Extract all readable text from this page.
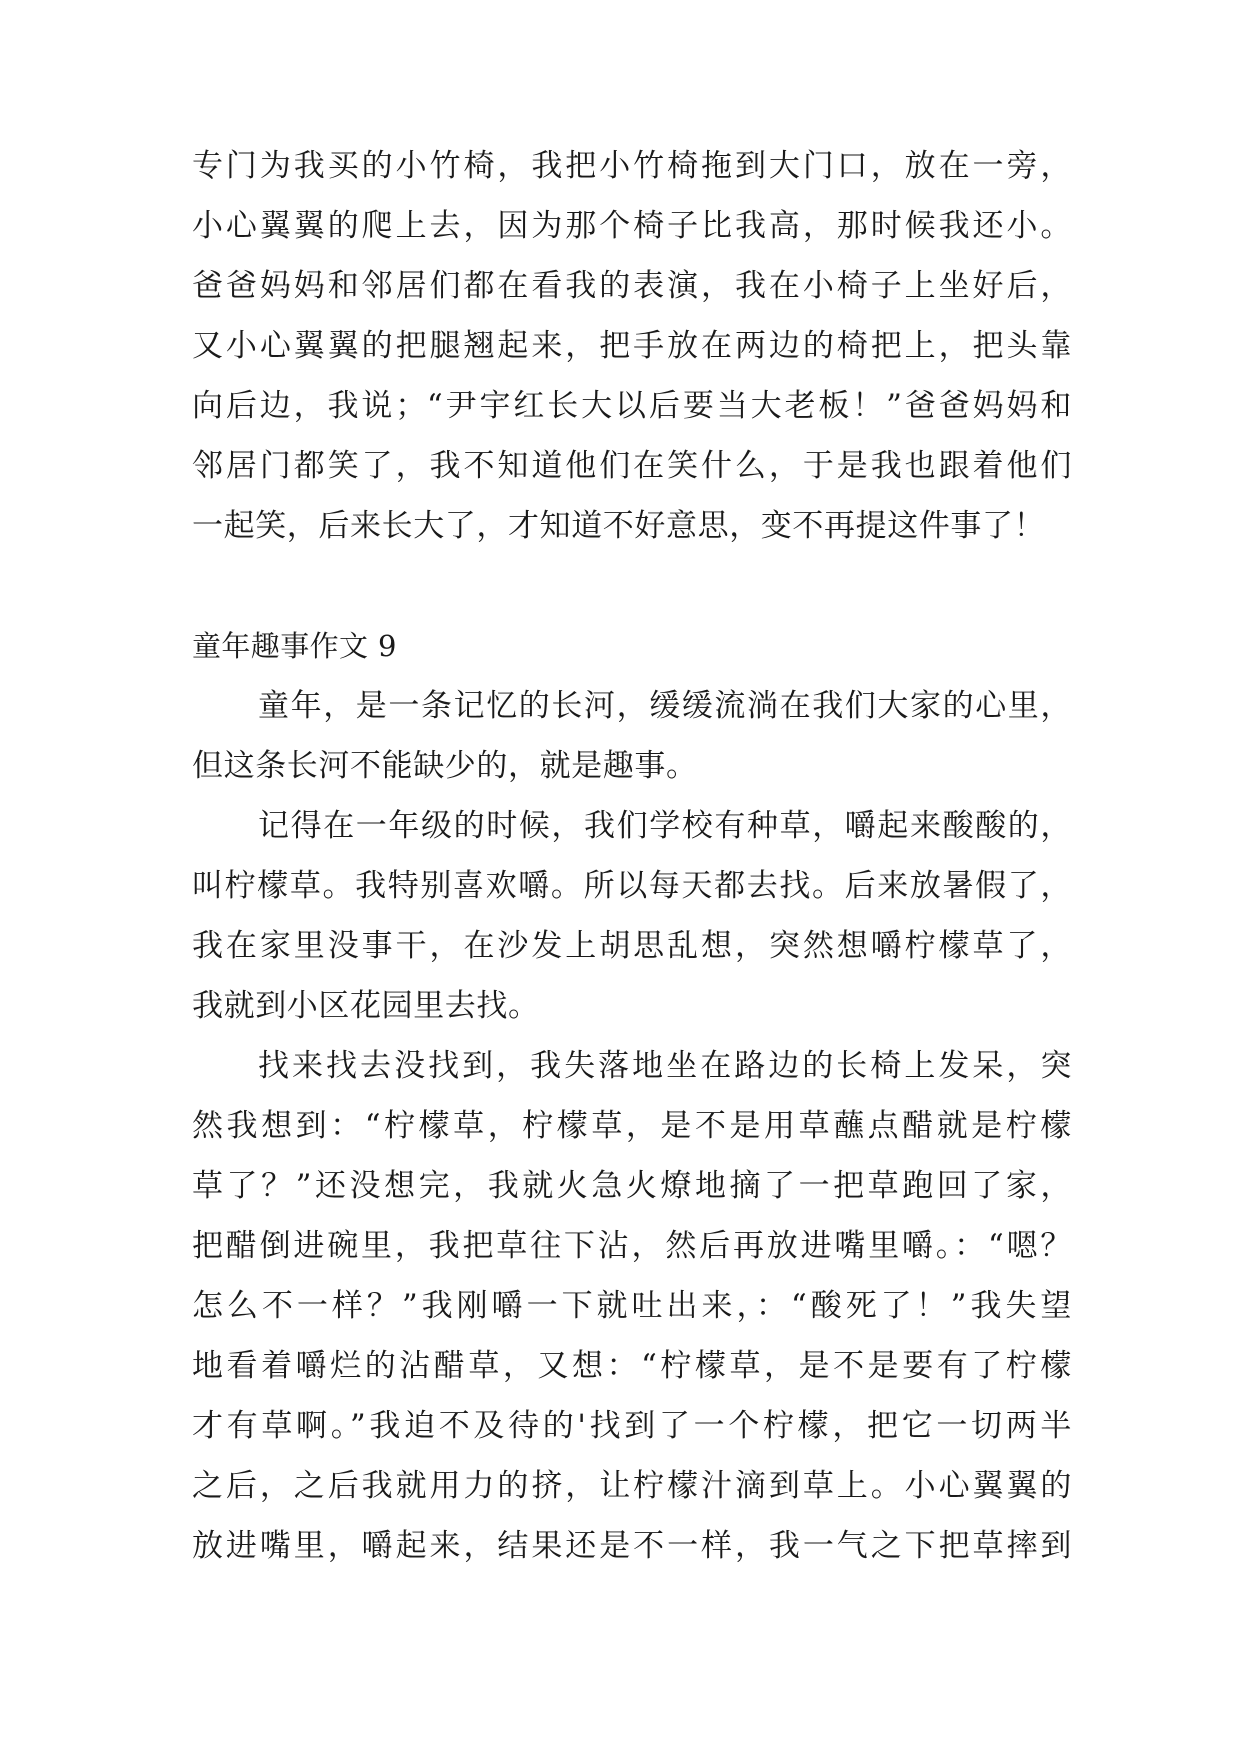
专门为我买的小竹椅，我把小竹椅拖到大门口，放在一旁，
小心翼翼的爬上去，因为那个椅子比我高，那时候我还小。
爸爸妈妈和邻居们都在看我的表演，我在小椅子上坐好后，
又小心翼翼的把腿翘起来，把手放在两边的椅把上，把头靠
向后边，我说；“尹宇红长大以后要当大老板！”爸爸妈妈和
邻居门都笑了，我不知道他们在笑什么，于是我也跟着他们
一起笑，后来长大了，才知道不好意思，变不再提这件事了！
童年趣事作文 9
童年，是一条记忆的长河，缓缓流淌在我们大家的心里，
但这条长河不能缺少的，就是趣事。
记得在一年级的时候，我们学校有种草，嚼起来酸酸的，
叫柠檬草。我特别喜欢嚼。所以每天都去找。后来放暑假了，
我在家里没事干，在沙发上胡思乱想，突然想嚼柠檬草了，
我就到小区花园里去找。
找来找去没找到，我失落地坐在路边的长椅上发呆，突
然我想到：“柠檬草，柠檬草，是不是用草蘸点醋就是柠檬
草了？”还没想完，我就火急火燎地摘了一把草跑回了家，
把醋倒进碗里，我把草往下沾，然后再放进嘴里嚼。：“嗯？
怎么不一样？”我刚嚼一下就吐出来，：“酸死了！”我失望
地看着嚼烂的沾醋草，又想：“柠檬草，是不是要有了柠檬
才有草啊。”我迫不及待的'找到了一个柠檬，把它一切两半
之后，之后我就用力的挤，让柠檬汁滴到草上。小心翼翼的
放进嘴里，嚼起来，结果还是不一样，我一气之下把草摔到
